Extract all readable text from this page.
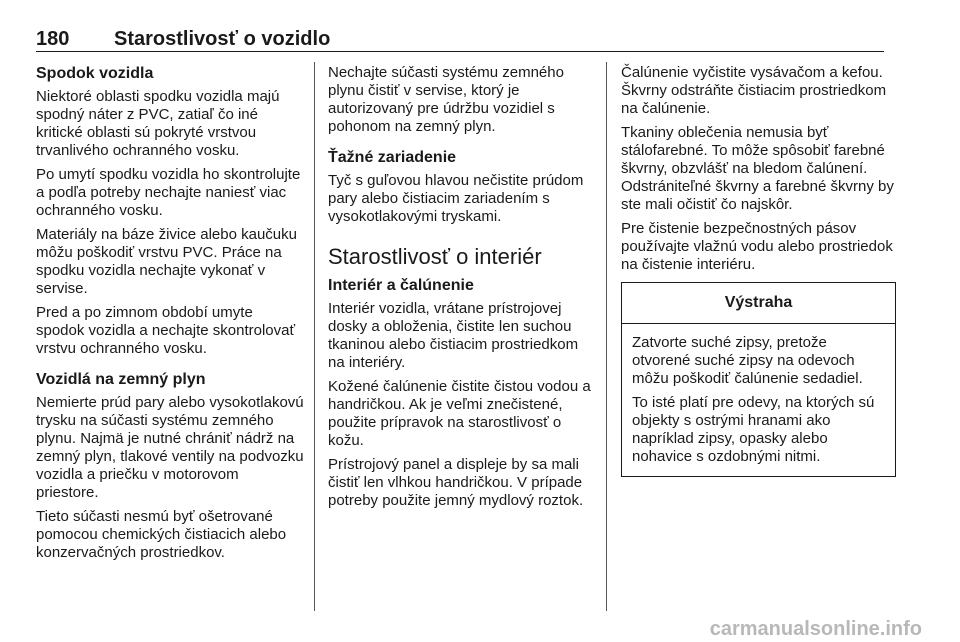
180 Starostlivosť o vozidlo
Spodok vozidla

Niektoré oblasti spodku vozidla majú spodný náter z PVC, zatiaľ čo iné kritické oblasti sú pokryté vrstvou trvanlivého ochranného vosku.

Po umytí spodku vozidla ho skontrolujte a podľa potreby nechajte naniesť viac ochranného vosku.

Materiály na báze živice alebo kaučuku môžu poškodiť vrstvu PVC. Práce na spodku vozidla nechajte vykonať v servise.

Pred a po zimnom období umyte spodok vozidla a nechajte skontrolovať vrstvu ochranného vosku.

Vozidlá na zemný plyn

Nemierte prúd pary alebo vysokotlakovú trysku na súčasti systému zemného plynu. Najmä je nutné chrániť nádrž na zemný plyn, tlakové ventily na podvozku vozidla a priečku v motorovom priestore.

Tieto súčasti nesmú byť ošetrované pomocou chemických čistiacich alebo konzervačných prostriedkov.

Nechajte súčasti systému zemného plynu čistiť v servise, ktorý je autorizovaný pre údržbu vozidiel s pohonom na zemný plyn.

Ťažné zariadenie

Tyč s guľovou hlavou nečistite prúdom pary alebo čistiacim zariadením s vysokotlakovými tryskami.

Starostlivosť o interiér
Interiér a čalúnenie

Interiér vozidla, vrátane prístrojovej dosky a obloženia, čistite len suchou tkaninou alebo čistiacim prostriedkom na interiéry.

Kožené čalúnenie čistite čistou vodou a handričkou. Ak je veľmi znečistené, použite prípravok na starostlivosť o kožu.

Prístrojový panel a displeje by sa mali čistiť len vlhkou handričkou. V prípade potreby použite jemný mydlový roztok.

Čalúnenie vyčistite vysávačom a kefou. Škvrny odstráňte čistiacim prostriedkom na čalúnenie.

Tkaniny oblečenia nemusia byť stálofarebné. To môže spôsobiť farebné škvrny, obzvlášť na bledom čalúnení. Odstrániteľné škvrny a farebné škvrny by ste mali očistiť čo najskôr.

Pre čistenie bezpečnostných pásov používajte vlažnú vodu alebo prostriedok na čistenie interiéru.

Výstraha

Zatvorte suché zipsy, pretože otvorené suché zipsy na odevoch môžu poškodiť čalúnenie sedadiel.

To isté platí pre odevy, na ktorých sú objekty s ostrými hranami ako napríklad zipsy, opasky alebo nohavice s ozdobnými nitmi.

carmanualsonline.info
